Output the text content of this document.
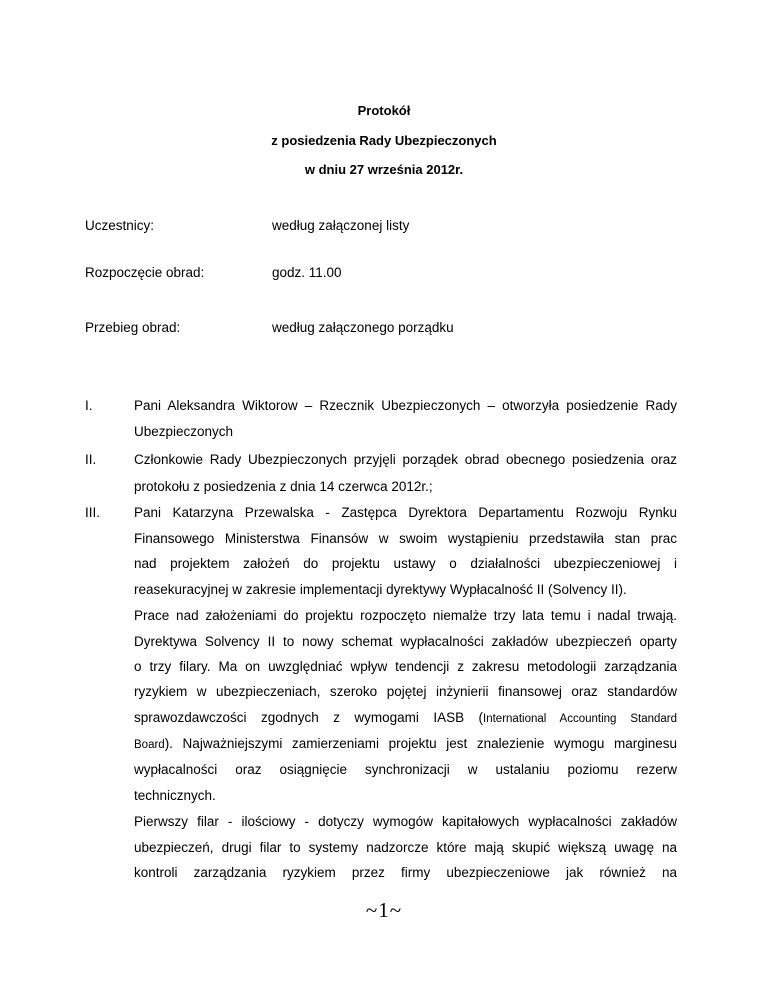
Protokół
z posiedzenia Rady Ubezpieczonych
w dniu 27 września 2012r.
Uczestnicy:	według załączonej listy
Rozpoczęcie obrad:	godz. 11.00
Przebieg obrad:	według załączonego porządku
I.	Pani Aleksandra Wiktorow – Rzecznik Ubezpieczonych – otworzyła posiedzenie Rady
Ubezpieczonych
II.	Członkowie Rady Ubezpieczonych przyjęli porządek obrad obecnego posiedzenia oraz
protokołu z posiedzenia z dnia 14 czerwca 2012r.;
III.	Pani Katarzyna Przewalska - Zastępca Dyrektora Departamentu Rozwoju Rynku
Finansowego Ministerstwa Finansów w swoim wystąpieniu przedstawiła stan prac
nad projektem założeń do projektu ustawy o działalności ubezpieczeniowej i
reasekuracyjnej w zakresie implementacji dyrektywy Wypłacalność II (Solvency II).
Prace nad założeniami do projektu rozpoczęto niemalże trzy lata temu i nadal trwają.
Dyrektywa Solvency II to nowy schemat wypłacalności zakładów ubezpieczeń oparty
o trzy filary. Ma on uwzględniać wpływ tendencji z zakresu metodologii zarządzania
ryzykiem w ubezpieczeniach, szeroko pojętej inżynierii finansowej oraz standardów
sprawozdawczości zgodnych z wymogami IASB (International Accounting Standard
Board). Najważniejszymi zamierzeniami projektu jest znalezienie wymogu marginesu
wypłacalności oraz osiągnięcie synchronizacji w ustalaniu poziomu rezerw
technicznych.
Pierwszy filar - ilościowy - dotyczy wymogów kapitałowych wypłacalności zakładów
ubezpieczeń, drugi filar to systemy nadzorcze które mają skupić większą uwagę na
kontroli zarządzania ryzykiem przez firmy ubezpieczeniowe jak również na
~1~
